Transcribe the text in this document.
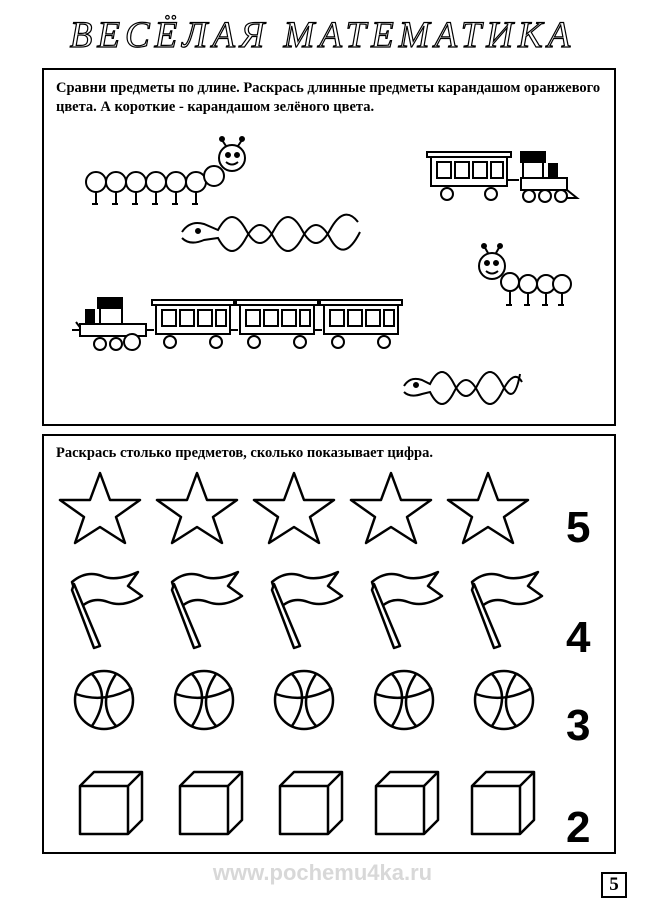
ВЕСЁЛАЯ МАТЕМАТИКА
Сравни предметы по длине. Раскрась длинные предметы карандашом оранжевого цвета. А короткие - карандашом зелёного цвета.
Раскрась столько предметов, сколько показывает цифра.
5
4
3
2
www.pochemu4ka.ru	5
